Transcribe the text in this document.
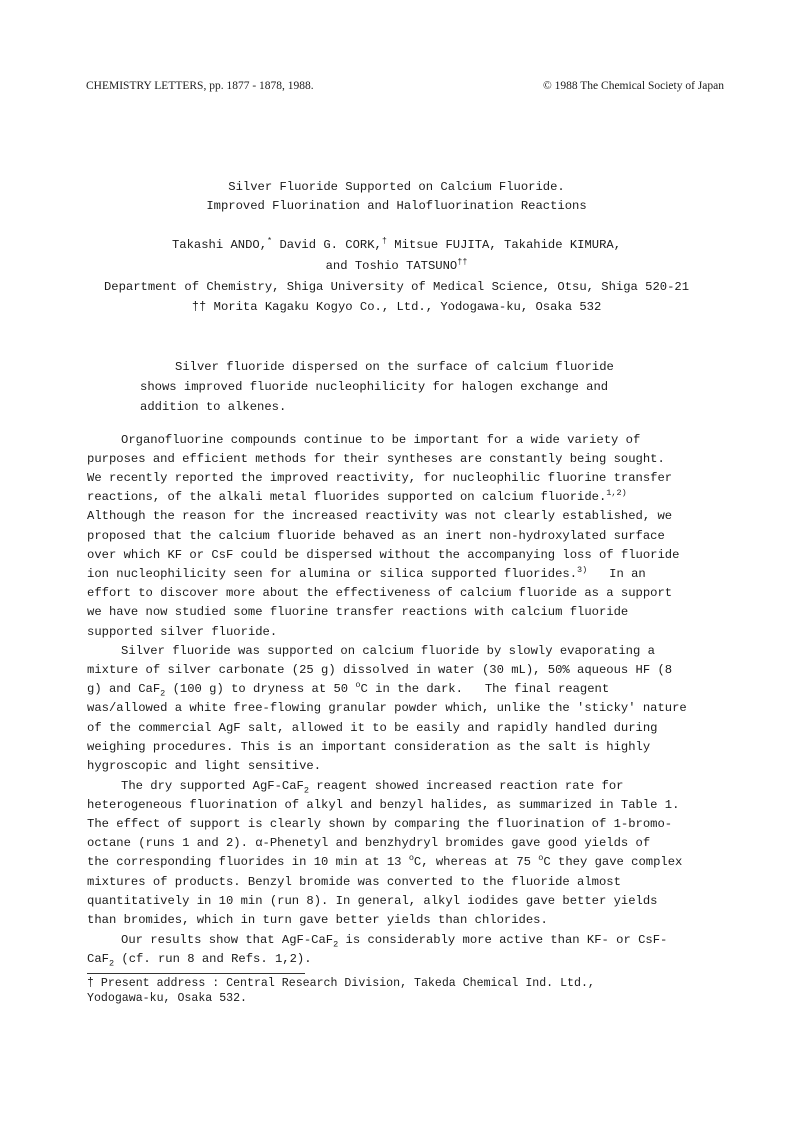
CHEMISTRY LETTERS, pp. 1877 - 1878, 1988.	© 1988 The Chemical Society of Japan
Silver Fluoride Supported on Calcium Fluoride.
Improved Fluorination and Halofluorination Reactions
Takashi ANDO,* David G. CORK,† Mitsue FUJITA, Takahide KIMURA,
and Toshio TATSUNO††
Department of Chemistry, Shiga University of Medical Science, Otsu, Shiga 520-21
†† Morita Kagaku Kogyo Co., Ltd., Yodogawa-ku, Osaka 532
Silver fluoride dispersed on the surface of calcium fluoride
shows improved fluoride nucleophilicity for halogen exchange and
addition to alkenes.
Organofluorine compounds continue to be important for a wide variety of
purposes and efficient methods for their syntheses are constantly being sought.
We recently reported the improved reactivity, for nucleophilic fluorine transfer
reactions, of the alkali metal fluorides supported on calcium fluoride.$^{1,2)}$
Although the reason for the increased reactivity was not clearly established, we
proposed that the calcium fluoride behaved as an inert non-hydroxylated surface
over which KF or CsF could be dispersed without the accompanying loss of fluoride
ion nucleophilicity seen for alumina or silica supported fluorides.$^{3)}$   In an
effort to discover more about the effectiveness of calcium fluoride as a support
we have now studied some fluorine transfer reactions with calcium fluoride
supported silver fluoride.
Silver fluoride was supported on calcium fluoride by slowly evaporating a
mixture of silver carbonate (25 g) dissolved in water (30 mL), 50% aqueous HF (8
g) and CaF$_2$ (100 g) to dryness at 50 $^o$C in the dark.   The final reagent
was/allowed a white free-flowing granular powder which, unlike the 'sticky' nature
of the commercial AgF salt, allowed it to be easily and rapidly handled during
weighing procedures. This is an important consideration as the salt is highly
hygroscopic and light sensitive.
The dry supported AgF-CaF$_2$ reagent showed increased reaction rate for
heterogeneous fluorination of alkyl and benzyl halides, as summarized in Table 1.
The effect of support is clearly shown by comparing the fluorination of 1-bromo-
octane (runs 1 and 2). α-Phenetyl and benzhydryl bromides gave good yields of
the corresponding fluorides in 10 min at 13 $^o$C, whereas at 75 $^o$C they gave complex
mixtures of products. Benzyl bromide was converted to the fluoride almost
quantitatively in 10 min (run 8). In general, alkyl iodides gave better yields
than bromides, which in turn gave better yields than chlorides.
Our results show that AgF-CaF$_2$ is considerably more active than KF- or CsF-
CaF$_2$ (cf. run 8 and Refs. 1,2).
† Present address : Central Research Division, Takeda Chemical Ind. Ltd.,
Yodogawa-ku, Osaka 532.
